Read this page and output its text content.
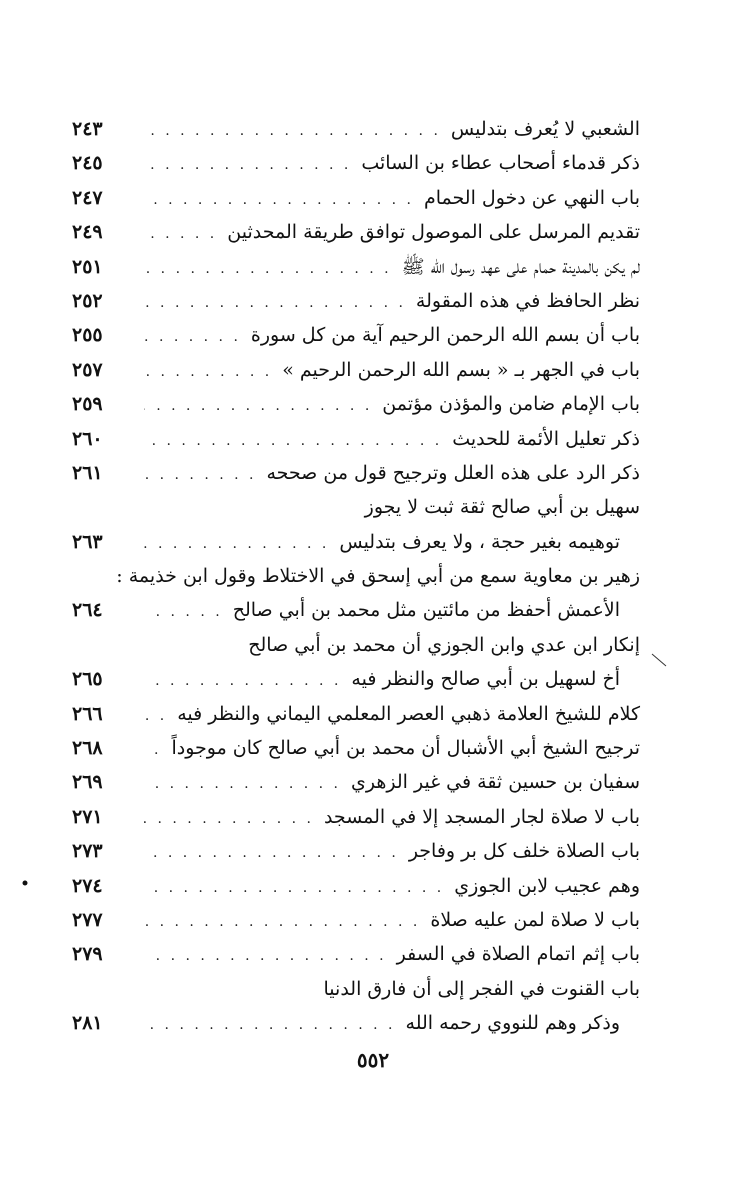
الشعبي لا يُعرف بتدليس
. . .
٢٤٣
ذكر قدماء أصحاب عطاء بن السائب
. . .
٢٤٥
باب النهي عن دخول الحمام
. . .
٢٤٧
تقديم المرسل على الموصول توافق طريقة المحدثين
. . .
٢٤٩
لم يكن بالمدينة حمام على عهد رسول الله ﷺ
. . .
٢٥١
نظر الحافظ في هذه المقولة
. . .
٢٥٢
باب أن بسم الله الرحمن الرحيم آية من كل سورة
. . .
٢٥٥
باب في الجهر بـ « بسم الله الرحمن الرحيم »
. . .
٢٥٧
باب الإمام ضامن والمؤذن مؤتمن
. . .
٢٥٩
ذكر تعليل الأئمة للحديث
. . .
٢٦٠
ذكر الرد على هذه العلل وترجيح قول من صححه
. . .
٢٦١
سهيل بن أبي صالح ثقة ثبت لا يجوز
توهيمه بغير حجة ، ولا يعرف بتدليس
. . .
٢٦٣
زهير بن معاوية سمع من أبي إسحق في الاختلاط وقول ابن خذيمة :
الأعمش أحفظ من مائتين مثل محمد بن أبي صالح
. . .
٢٦٤
إنكار ابن عدي وابن الجوزي أن محمد بن أبي صالح
أخ لسهيل بن أبي صالح والنظر فيه
. . .
٢٦٥
كلام للشيخ العلامة ذهبي العصر المعلمي اليماني والنظر فيه
. . .
٢٦٦
ترجيح الشيخ أبي الأشبال أن محمد بن أبي صالح كان موجوداً
. . .
٢٦٨
سفيان بن حسين ثقة في غير الزهري
. . .
٢٦٩
باب لا صلاة لجار المسجد إلا في المسجد
. . .
٢٧١
باب الصلاة خلف كل بر وفاجر
. . .
٢٧٣
وهم عجيب لابن الجوزي
. . .
٢٧٤
باب لا صلاة لمن عليه صلاة
. . .
٢٧٧
باب إثم اتمام الصلاة في السفر
. . .
٢٧٩
باب القنوت في الفجر إلى أن فارق الدنيا
وذكر وهم للنووي رحمه الله
. . .
٢٨١
٥٥٢
